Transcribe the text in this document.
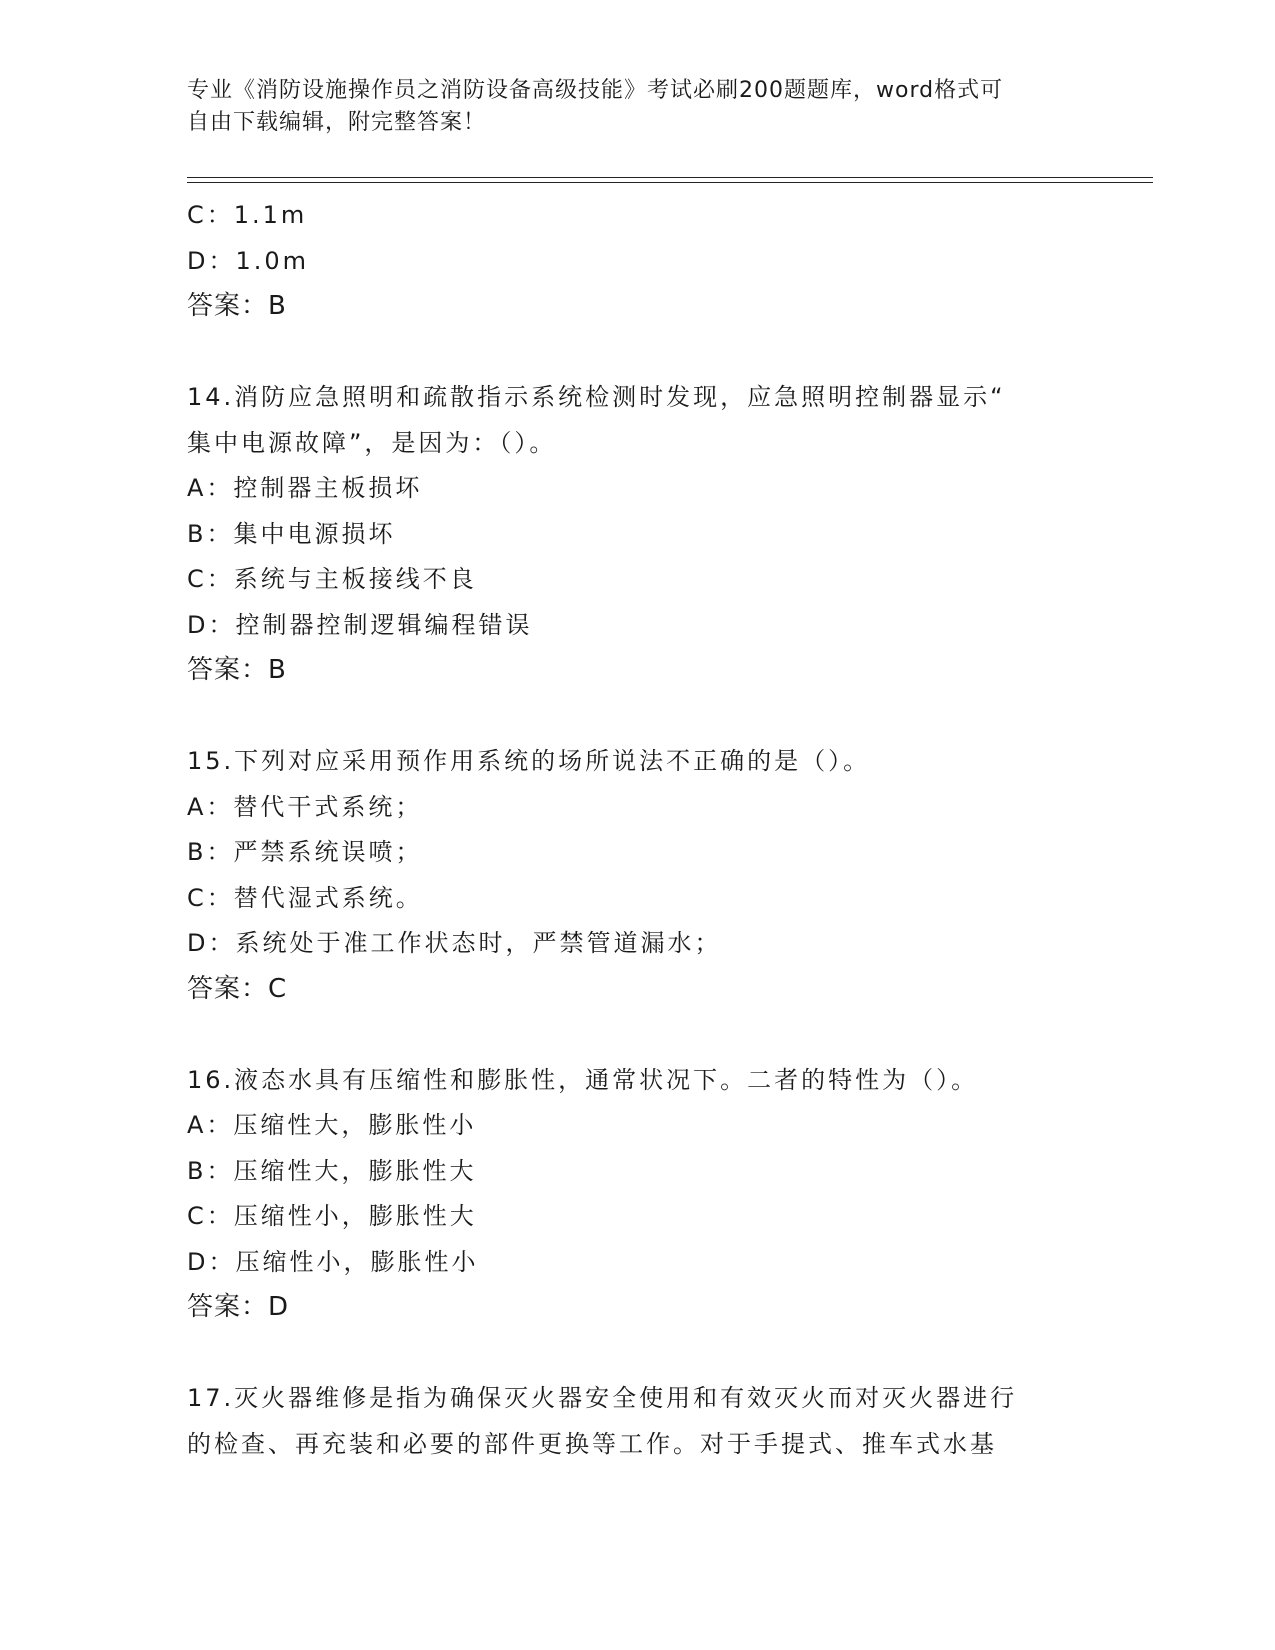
专业《消防设施操作员之消防设备高级技能》考试必刷200题题库，word格式可
自由下载编辑，附完整答案！
C：1.1m
D：1.0m
答案：B
14.消防应急照明和疏散指示系统检测时发现，应急照明控制器显示“
集中电源故障”，是因为：（）。
A：控制器主板损坏
B：集中电源损坏
C：系统与主板接线不良
D：控制器控制逻辑编程错误
答案：B
15.下列对应采用预作用系统的场所说法不正确的是（）。
A：替代干式系统；
B：严禁系统误喷；
C：替代湿式系统。
D：系统处于准工作状态时，严禁管道漏水；
答案：C
16.液态水具有压缩性和膨胀性，通常状况下。二者的特性为（）。
A：压缩性大，膨胀性小
B：压缩性大，膨胀性大
C：压缩性小，膨胀性大
D：压缩性小，膨胀性小
答案：D
17.灭火器维修是指为确保灭火器安全使用和有效灭火而对灭火器进行
的检查、再充装和必要的部件更换等工作。对于手提式、推车式水基
